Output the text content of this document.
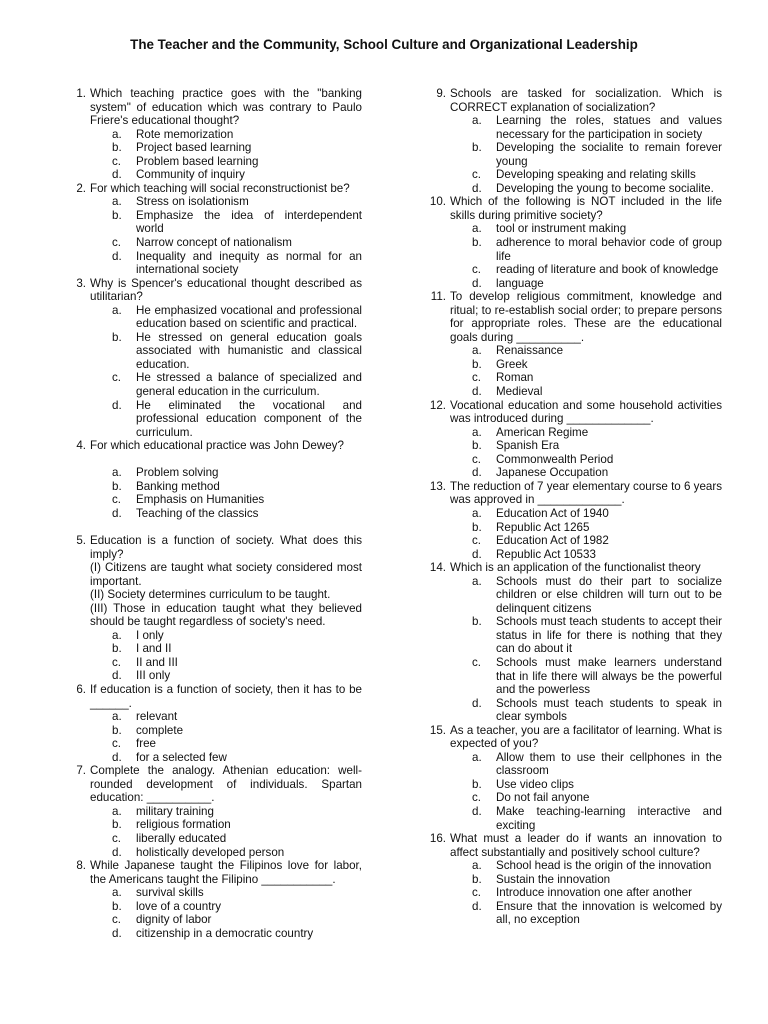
The Teacher and the Community, School Culture and Organizational Leadership
1. Which teaching practice goes with the "banking system" of education which was contrary to Paulo Friere's educational thought?
a. Rote memorization
b. Project based learning
c. Problem based learning
d. Community of inquiry
2. For which teaching will social reconstructionist be?
a. Stress on isolationism
b. Emphasize the idea of interdependent world
c. Narrow concept of nationalism
d. Inequality and inequity as normal for an international society
3. Why is Spencer's educational thought described as utilitarian?
a. He emphasized vocational and professional education based on scientific and practical.
b. He stressed on general education goals associated with humanistic and classical education.
c. He stressed a balance of specialized and general education in the curriculum.
d. He eliminated the vocational and professional education component of the curriculum.
4. For which educational practice was John Dewey?
a. Problem solving
b. Banking method
c. Emphasis on Humanities
d. Teaching of the classics
5. Education is a function of society. What does this imply?
(I) Citizens are taught what society considered most important.
(II) Society determines curriculum to be taught.
(III) Those in education taught what they believed should be taught regardless of society's need.
a. I only
b. I and II
c. II and III
d. III only
6. If education is a function of society, then it has to be ______.
a. relevant
b. complete
c. free
d. for a selected few
7. Complete the analogy. Athenian education: well-rounded development of individuals. Spartan education: __________.
a. military training
b. religious formation
c. liberally educated
d. holistically developed person
8. While Japanese taught the Filipinos love for labor, the Americans taught the Filipino ___________.
a. survival skills
b. love of a country
c. dignity of labor
d. citizenship in a democratic country
9. Schools are tasked for socialization. Which is CORRECT explanation of socialization?
a. Learning the roles, statues and values necessary for the participation in society
b. Developing the socialite to remain forever young
c. Developing speaking and relating skills
d. Developing the young to become socialite.
10. Which of the following is NOT included in the life skills during primitive society?
a. tool or instrument making
b. adherence to moral behavior code of group life
c. reading of literature and book of knowledge
d. language
11. To develop religious commitment, knowledge and ritual; to re-establish social order; to prepare persons for appropriate roles. These are the educational goals during __________.
a. Renaissance
b. Greek
c. Roman
d. Medieval
12. Vocational education and some household activities was introduced during _____________.
a. American Regime
b. Spanish Era
c. Commonwealth Period
d. Japanese Occupation
13. The reduction of 7 year elementary course to 6 years was approved in _____________.
a. Education Act of 1940
b. Republic Act 1265
c. Education Act of 1982
d. Republic Act 10533
14. Which is an application of the functionalist theory
a. Schools must do their part to socialize children or else children will turn out to be delinquent citizens
b. Schools must teach students to accept their status in life for there is nothing that they can do about it
c. Schools must make learners understand that in life there will always be the powerful and the powerless
d. Schools must teach students to speak in clear symbols
15. As a teacher, you are a facilitator of learning. What is expected of you?
a. Allow them to use their cellphones in the classroom
b. Use video clips
c. Do not fail anyone
d. Make teaching-learning interactive and exciting
16. What must a leader do if wants an innovation to affect substantially and positively school culture?
a. School head is the origin of the innovation
b. Sustain the innovation
c. Introduce innovation one after another
d. Ensure that the innovation is welcomed by all, no exception
